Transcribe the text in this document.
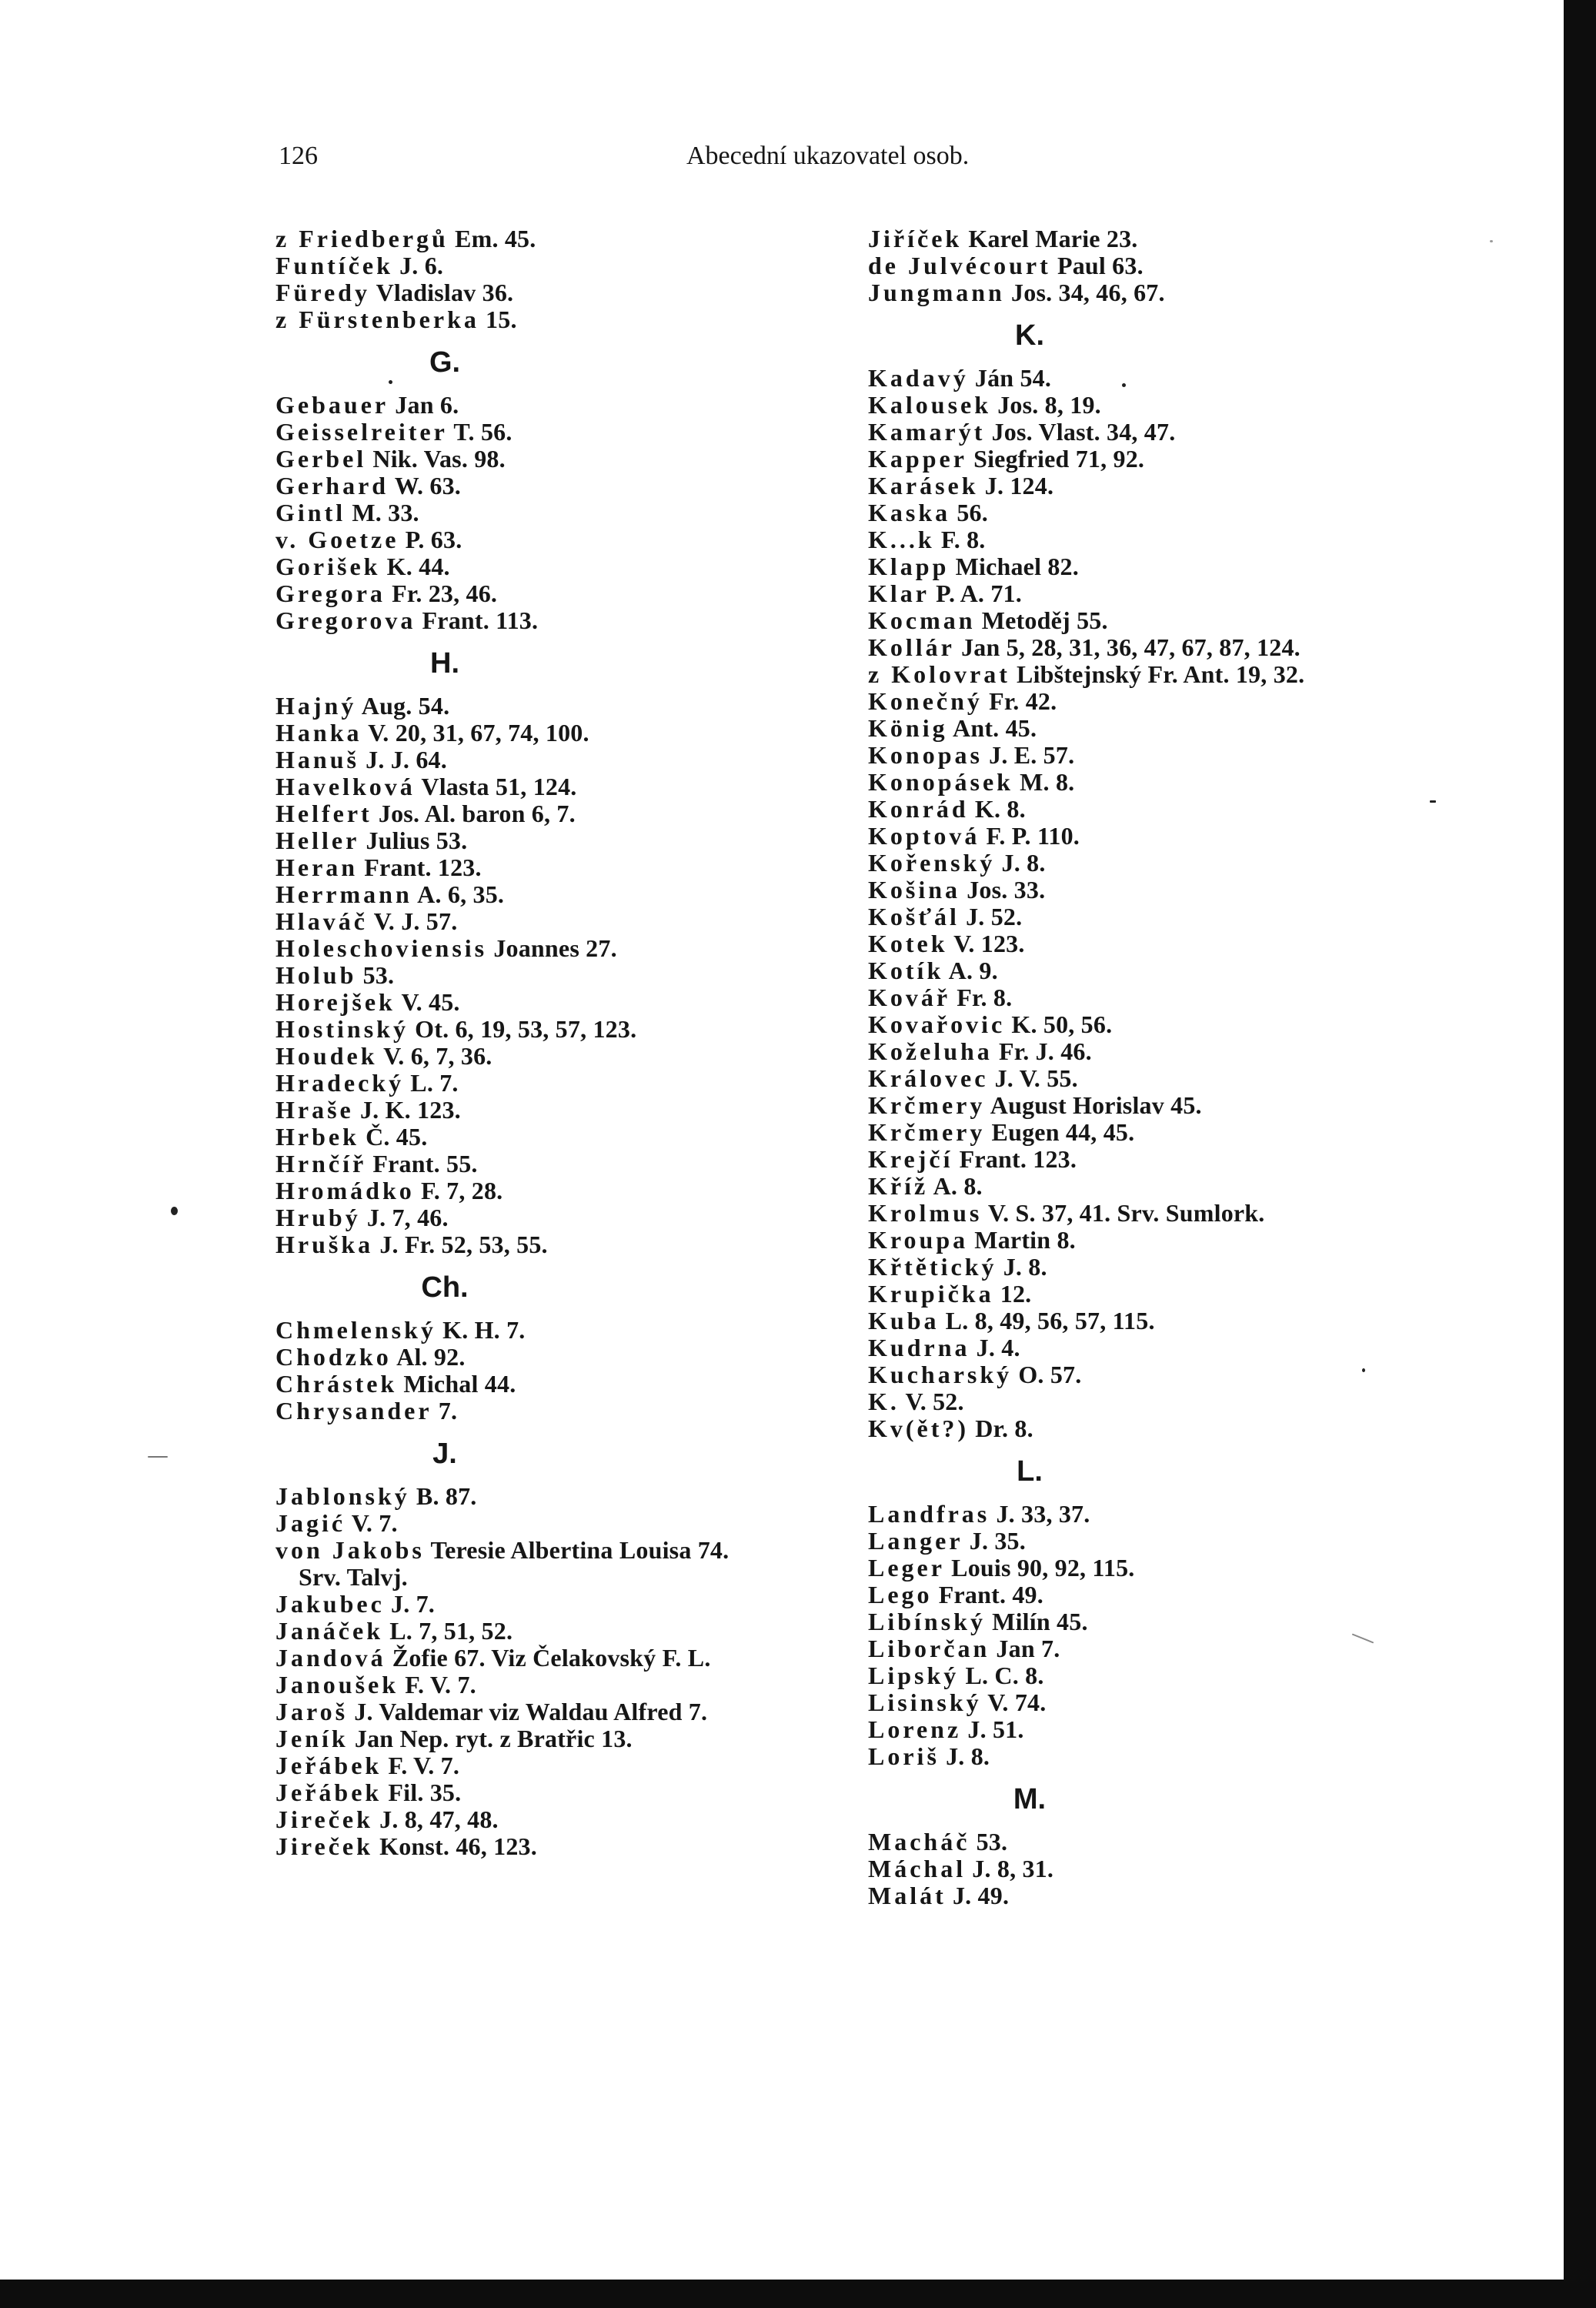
126	Abecední ukazovatel osob.
z Friedbergů Em. 45.
Funtíček J. 6.
Füredy Vladislav 36.
z Fürstenberka 15.
G.
Gebauer Jan 6.
Geisselreiter T. 56.
Gerbel Nik. Vas. 98.
Gerhard W. 63.
Gintl M. 33.
v. Goetze P. 63.
Gorišek K. 44.
Gregora Fr. 23, 46.
Gregorova Frant. 113.
H.
Hajný Aug. 54.
Hanka V. 20, 31, 67, 74, 100.
Hanuš J. J. 64.
Havelková Vlasta 51, 124.
Helfert Jos. Al. baron 6, 7.
Heller Julius 53.
Heran Frant. 123.
Herrmann A. 6, 35.
Hlaváč V. J. 57.
Holeschoviensis Joannes 27.
Holub 53.
Horejšek V. 45.
Hostinský Ot. 6, 19, 53, 57, 123.
Houdek V. 6, 7, 36.
Hradecký L. 7.
Hraše J. K. 123.
Hrbek Č. 45.
Hrnčíř Frant. 55.
Hromádko F. 7, 28.
Hrubý J. 7, 46.
Hruška J. Fr. 52, 53, 55.
Ch.
Chmelenský K. H. 7.
Chodzko Al. 92.
Chrástek Michal 44.
Chrysander 7.
J.
Jablonský B. 87.
Jagić V. 7.
von Jakobs Teresie Albertina Louisa 74.
Srv. Talvj.
Jakubec J. 7.
Janáček L. 7, 51, 52.
Jandová Žofie 67. Viz Čelakovský F. L.
Janoušek F. V. 7.
Jaroš J. Valdemar viz Waldau Alfred 7.
Jeník Jan Nep. ryt. z Bratřic 13.
Jeřábek F. V. 7.
Jeřábek Fil. 35.
Jireček J. 8, 47, 48.
Jireček Konst. 46, 123.
Jiříček Karel Marie 23.
de Julvécourt Paul 63.
Jungmann Jos. 34, 46, 67.
K.
Kadavý Ján 54.
Kalousek Jos. 8, 19.
Kamarýt Jos. Vlast. 34, 47.
Kapper Siegfried 71, 92.
Karásek J. 124.
Kaska 56.
K...k F. 8.
Klapp Michael 82.
Klar P. A. 71.
Kocman Metoděj 55.
Kollár Jan 5, 28, 31, 36, 47, 67, 87, 124.
z Kolovrat Libštejnský Fr. Ant. 19, 32.
Konečný Fr. 42.
König Ant. 45.
Konopas J. E. 57.
Konopásek M. 8.
Konrád K. 8.
Koptová F. P. 110.
Kořenský J. 8.
Košina Jos. 33.
Košťál J. 52.
Kotek V. 123.
Kotík A. 9.
Kovář Fr. 8.
Kovařovic K. 50, 56.
Koželuha Fr. J. 46.
Královec J. V. 55.
Krčmery August Horislav 45.
Krčmery Eugen 44, 45.
Krejčí Frant. 123.
Kříž A. 8.
Krolmus V. S. 37, 41. Srv. Sumlork.
Kroupa Martin 8.
Křtětický J. 8.
Krupička 12.
Kuba L. 8, 49, 56, 57, 115.
Kudrna J. 4.
Kucharský O. 57.
K. V. 52.
Kv(ět?) Dr. 8.
L.
Landfras J. 33, 37.
Langer J. 35.
Leger Louis 90, 92, 115.
Lego Frant. 49.
Libínský Milín 45.
Liborčan Jan 7.
Lipský L. C. 8.
Lisinský V. 74.
Lorenz J. 51.
Loriš J. 8.
M.
Macháč 53.
Máchal J. 8, 31.
Malát J. 49.
